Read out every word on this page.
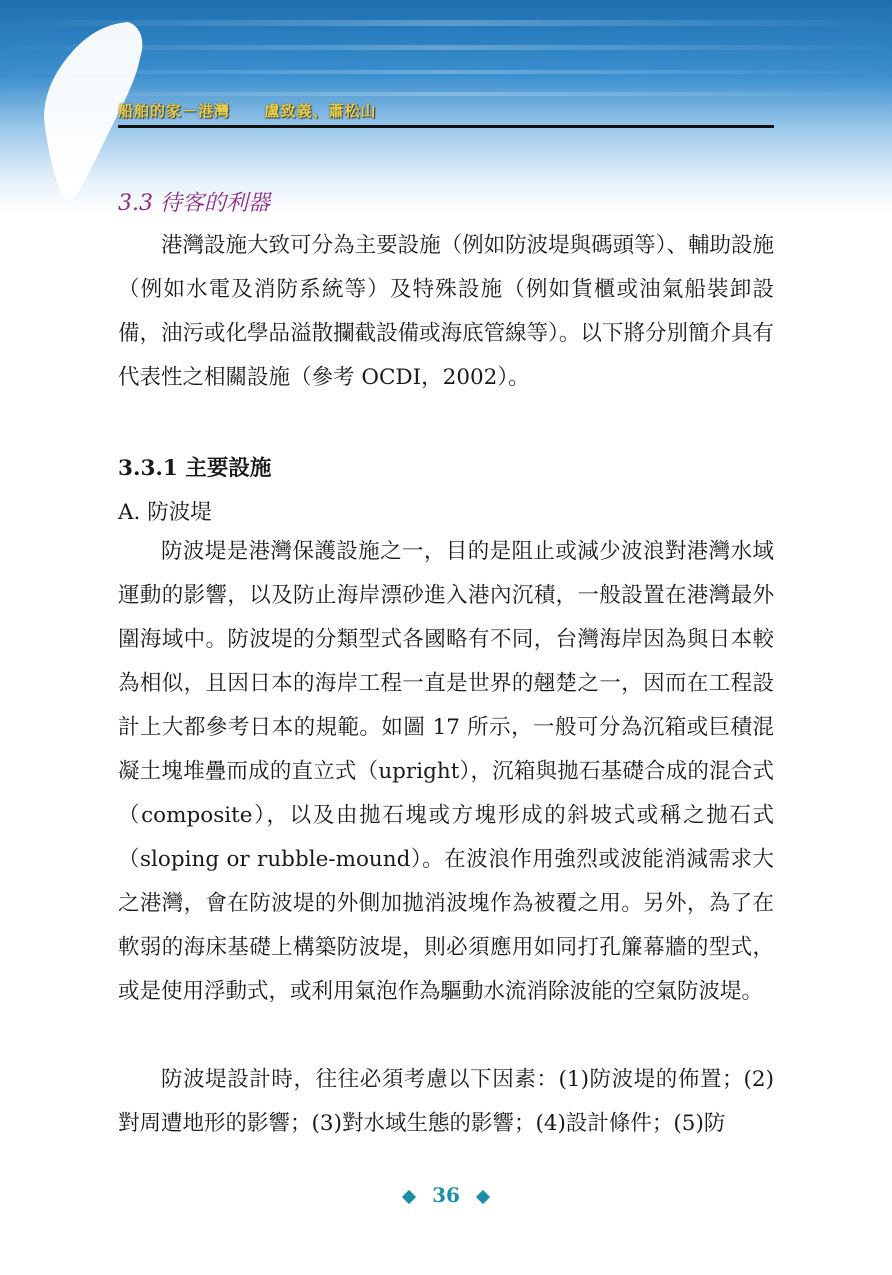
船舶的家－港灣 盧致義、蕭松山
3.3 待客的利器

港灣設施大致可分為主要設施（例如防波堤與碼頭等）、輔助設施（例如水電及消防系統等）及特殊設施（例如貨櫃或油氣船裝卸設備，油污或化學品溢散攔截設備或海底管線等）。以下將分別簡介具有代表性之相關設施（參考 OCDI，2002）。

3.3.1 主要設施
A. 防波堤

防波堤是港灣保護設施之一，目的是阻止或減少波浪對港灣水域運動的影響，以及防止海岸漂砂進入港內沉積，一般設置在港灣最外圍海域中。防波堤的分類型式各國略有不同，台灣海岸因為與日本較為相似，且因日本的海岸工程一直是世界的翹楚之一，因而在工程設計上大都參考日本的規範。如圖 17 所示，一般可分為沉箱或巨積混凝土塊堆疊而成的直立式（upright），沉箱與拋石基礎合成的混合式（composite），以及由拋石塊或方塊形成的斜坡式或稱之拋石式（sloping or rubble-mound）。在波浪作用強烈或波能消減需求大之港灣，會在防波堤的外側加拋消波塊作為被覆之用。另外，為了在軟弱的海床基礎上構築防波堤，則必須應用如同打孔簾幕牆的型式，或是使用浮動式，或利用氣泡作為驅動水流消除波能的空氣防波堤。

防波堤設計時，往往必須考慮以下因素：(1)防波堤的佈置；(2)對周遭地形的影響；(3)對水域生態的影響；(4)設計條件；(5)防

36
